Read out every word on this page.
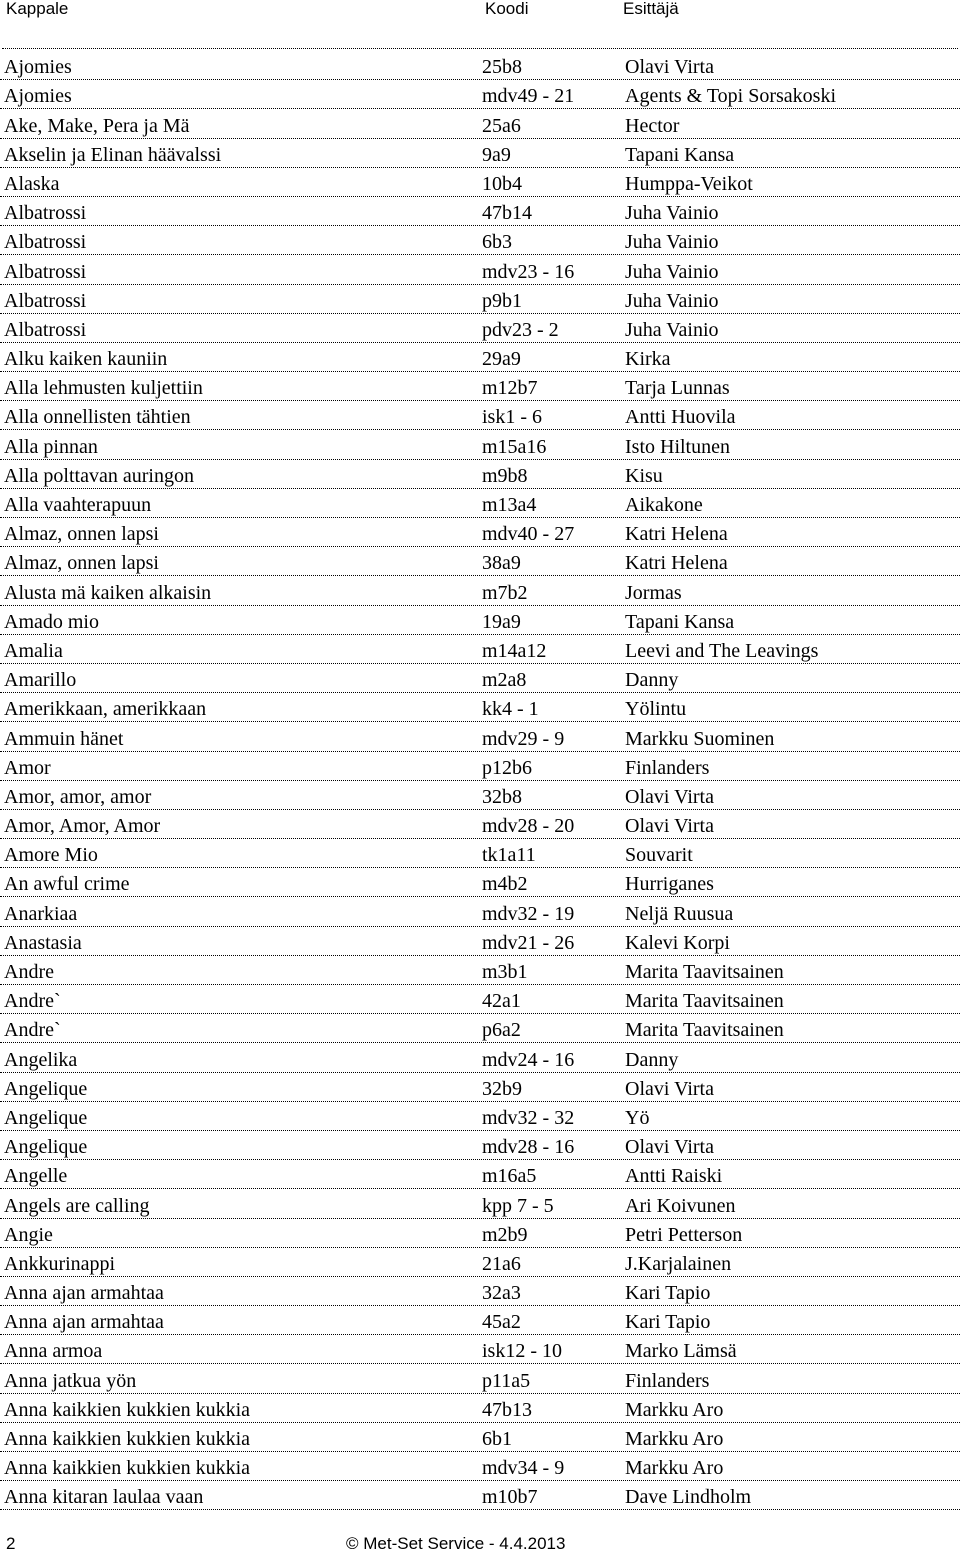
Kappale	Koodi	Esittäjä
Ajomies	25b8	Olavi Virta
Ajomies	mdv49 - 21	Agents & Topi Sorsakoski
Ake, Make, Pera ja Mä	25a6	Hector
Akselin ja Elinan häävalssi	9a9	Tapani Kansa
Alaska	10b4	Humppa-Veikot
Albatrossi	47b14	Juha Vainio
Albatrossi	6b3	Juha Vainio
Albatrossi	mdv23 - 16	Juha Vainio
Albatrossi	p9b1	Juha Vainio
Albatrossi	pdv23 - 2	Juha Vainio
Alku kaiken kauniin	29a9	Kirka
Alla lehmusten kuljettiin	m12b7	Tarja Lunnas
Alla onnellisten tähtien	isk1 - 6	Antti Huovila
Alla pinnan	m15a16	Isto Hiltunen
Alla polttavan auringon	m9b8	Kisu
Alla vaahterapuun	m13a4	Aikakone
Almaz, onnen lapsi	mdv40 - 27	Katri Helena
Almaz, onnen lapsi	38a9	Katri Helena
Alusta mä kaiken alkaisin	m7b2	Jormas
Amado mio	19a9	Tapani Kansa
Amalia	m14a12	Leevi and The Leavings
Amarillo	m2a8	Danny
Amerikkaan, amerikkaan	kk4 - 1	Yölintu
Ammuin hänet	mdv29 - 9	Markku Suominen
Amor	p12b6	Finlanders
Amor, amor, amor	32b8	Olavi Virta
Amor, Amor, Amor	mdv28 - 20	Olavi Virta
Amore Mio	tk1a11	Souvarit
An awful crime	m4b2	Hurriganes
Anarkiaa	mdv32 - 19	Neljä Ruusua
Anastasia	mdv21 - 26	Kalevi Korpi
Andre	m3b1	Marita Taavitsainen
Andre`	42a1	Marita Taavitsainen
Andre`	p6a2	Marita Taavitsainen
Angelika	mdv24 - 16	Danny
Angelique	32b9	Olavi Virta
Angelique	mdv32 - 32	Yö
Angelique	mdv28 - 16	Olavi Virta
Angelle	m16a5	Antti Raiski
Angels are calling	kpp 7 - 5	Ari Koivunen
Angie	m2b9	Petri Petterson
Ankkurinappi	21a6	J.Karjalainen
Anna ajan armahtaa	32a3	Kari Tapio
Anna ajan armahtaa	45a2	Kari Tapio
Anna armoa	isk12 - 10	Marko Lämsä
Anna jatkua yön	p11a5	Finlanders
Anna kaikkien kukkien kukkia	47b13	Markku Aro
Anna kaikkien kukkien kukkia	6b1	Markku Aro
Anna kaikkien kukkien kukkia	mdv34 - 9	Markku Aro
Anna kitaran laulaa vaan	m10b7	Dave Lindholm
2	© Met-Set Service - 4.4.2013
